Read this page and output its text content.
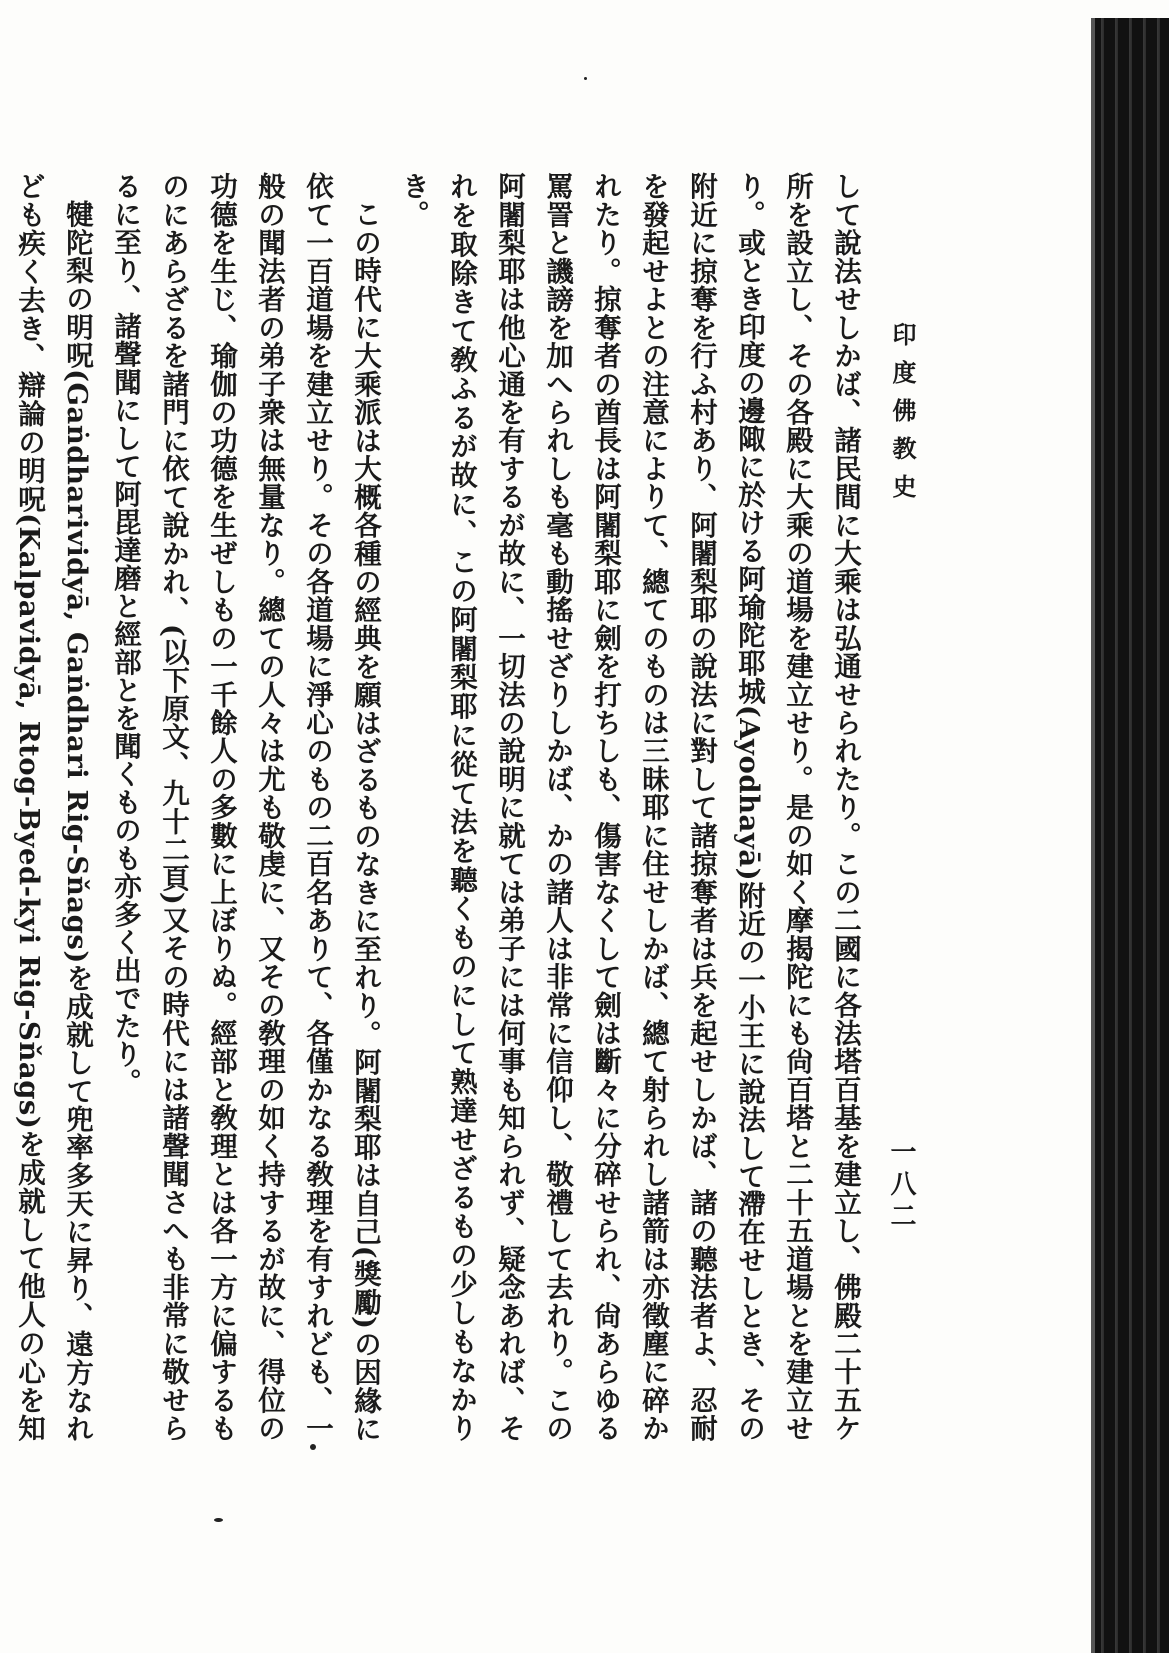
印度佛教史
一八二

して說法せしかば、諸民間に大乘は弘通せられたり。この二國に各法塔百基を建立し、佛殿二十五ケ所を設立し、その各殿に大乘の道場を建立せり。是の如く摩揭陀にも尙百塔と二十五道場とを建立せり。或とき印度の邊陬に於ける阿瑜陀耶城(Ayodhayā)附近の一小王に說法して滯在せしとき、その附近に掠奪を行ふ村あり、阿闍梨耶の說法に對して諸掠奪者は兵を起せしかば、諸の聽法者よ、忍耐を發起せよとの注意によりて、總てのものは三昧耶に住せしかば、總て射られし諸箭は亦徵塵に碎かれたり。掠奪者の酋長は阿闍梨耶に劍を打ちしも、傷害なくして劍は斷々に分碎せられ、尙あらゆる罵詈と譏謗を加へられしも毫も動搖せざりしかば、かの諸人は非常に信仰し、敬禮して去れり。この阿闍梨耶は他心通を有するが故に、一切法の說明に就ては弟子には何事も知られず、疑念あれば、それを取除きて敎ふるが故に、この阿闍梨耶に從て法を聽くものにして熟達せざるもの少しもなかりき。

この時代に大乘派は大概各種の經典を願はざるものなきに至れり。阿闍梨耶は自己(獎勵)の因緣に依て一百道場を建立せり。その各道場に淨心のもの二百名ありて、各僅かなる敎理を有すれども、一般の聞法者の弟子衆は無量なり。總ての人々は尤も敬虔に、又その敎理の如く持するが故に、得位の功德を生じ、瑜伽の功德を生ぜしもの一千餘人の多數に上ぼりぬ。經部と敎理とは各一方に偏するものにあらざるを諸門に依て說かれ、(以下原文、九十二頁)又その時代には諸聲聞さへも非常に敬せらるに至り、諸聲聞にして阿毘達磨と經部とを聞くものも亦多く出でたり。

犍陀梨の明呪(Gaṅdharividyā, Gaṅdhari Rig-Sňags)を成就して兜率多天に昇り、遠方なれども疾く去き、辯論の明呪(Kalpavidyā, Rtog-Byed-kyi Rig-Sňags)を成就して他人の心を知
